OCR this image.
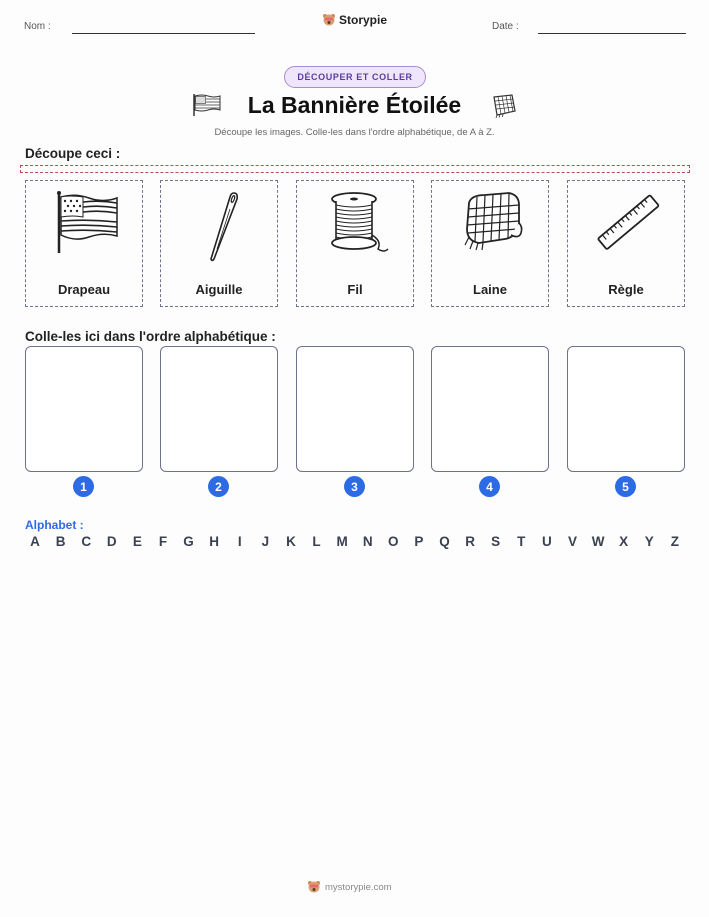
Nom :	Storypie	Date :
DÉCOUPER ET COLLER
La Bannière Étoilée
Découpe les images. Colle-les dans l'ordre alphabétique, de A à Z.
Découpe ceci :
Drapeau	Aiguille	Fil	Laine	Règle
Colle-les ici dans l'ordre alphabétique :
1	2	3	4	5
Alphabet :
A	B	C	D	E	F	G	H	I	J	K	L	M	N	O	P	Q	R	S	T	U	V	W	X	Y	Z
mystorypie.com
